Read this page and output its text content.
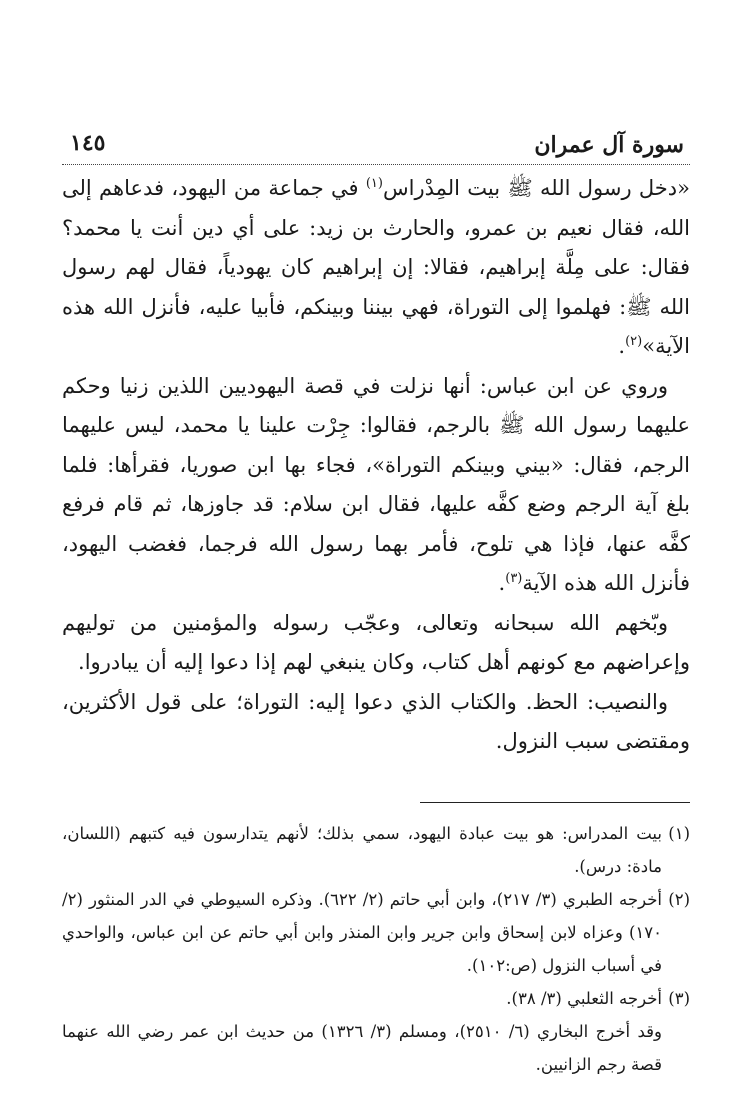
سورة آل عمران
١٤٥

«دخل رسول الله ﷺ بيت المِدْراس$^{(١)}$ في جماعة من اليهود، فدعاهم إلى الله، فقال نعيم بن عمرو، والحارث بن زيد: على أي دين أنت يا محمد؟ فقال: على مِلَّة إبراهيم، فقالا: إن إبراهيم كان يهودياً، فقال لهم رسول الله ﷺ: فهلموا إلى التوراة، فهي بيننا وبينكم، فأبيا عليه، فأنزل الله هذه الآية»$^{(٢)}$.

وروي عن ابن عباس: أنها نزلت في قصة اليهوديين اللذين زنيا وحكم عليهما رسول الله ﷺ بالرجم، فقالوا: جِرْت علينا يا محمد، ليس عليهما الرجم، فقال: «بيني وبينكم التوراة»، فجاء بها ابن صوريا، فقرأها: فلما بلغ آية الرجم وضع كفَّه عليها، فقال ابن سلام: قد جاوزها، ثم قام فرفع كفَّه عنها، فإذا هي تلوح، فأمر بهما رسول الله فرجما، فغضب اليهود، فأنزل الله هذه الآية$^{(٣)}$.

وبّخهم الله سبحانه وتعالى، وعجّب رسوله والمؤمنين من توليهم وإعراضهم مع كونهم أهل كتاب، وكان ينبغي لهم إذا دعوا إليه أن يبادروا.

والنصيب: الحظ. والكتاب الذي دعوا إليه: التوراة؛ على قول الأكثرين، ومقتضى سبب النزول.

(١)
بيت المدراس: هو بيت عبادة اليهود، سمي بذلك؛ لأنهم يتدارسون فيه كتبهم (اللسان، مادة: درس).

(٢)
أخرجه الطبري (٣/ ٢١٧)، وابن أبي حاتم (٢/ ٦٢٢). وذكره السيوطي في الدر المنثور (٢/ ١٧٠) وعزاه لابن إسحاق وابن جرير وابن المنذر وابن أبي حاتم عن ابن عباس، والواحدي في أسباب النزول (ص:١٠٢).

(٣)
أخرجه الثعلبي (٣/ ٣٨).

وقد أخرج البخاري (٦/ ٢٥١٠)، ومسلم (٣/ ١٣٢٦) من حديث ابن عمر رضي الله عنهما قصة رجم الزانيين.
